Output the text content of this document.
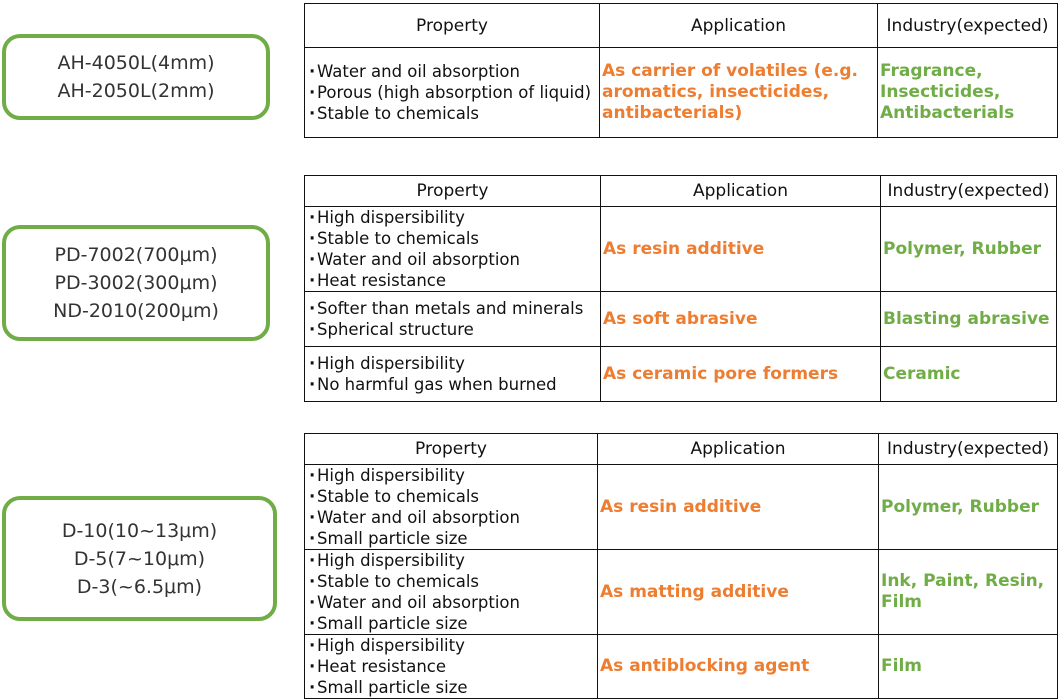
AH-4050L(4mm)
AH-2050L(2mm)
Property	Application	Industry(expected)

· Water and oil absorption
· Porous (high absorption of liquid)
· Stable to chemicals	As carrier of volatiles (e.g. aromatics, insecticides, antibacterials)	Fragrance, Insecticides, Antibacterials
PD-7002(700μm)
PD-3002(300μm)
ND-2010(200μm)
Property	Application	Industry(expected)

· High dispersibility
· Stable to chemicals
· Water and oil absorption
· Heat resistance	As resin additive	Polymer, Rubber

· Softer than metals and minerals
· Spherical structure	As soft abrasive	Blasting abrasive

· High dispersibility
· No harmful gas when burned	As ceramic pore formers	Ceramic
D-10(10~13μm)
D-5(7~10μm)
D-3(~6.5μm)
Property	Application	Industry(expected)

· High dispersibility
· Stable to chemicals
· Water and oil absorption
· Small particle size	As resin additive	Polymer, Rubber

· High dispersibility
· Stable to chemicals
· Water and oil absorption
· Small particle size	As matting additive	Ink, Paint, Resin, Film

· High dispersibility
· Heat resistance
· Small particle size	As antiblocking agent	Film
